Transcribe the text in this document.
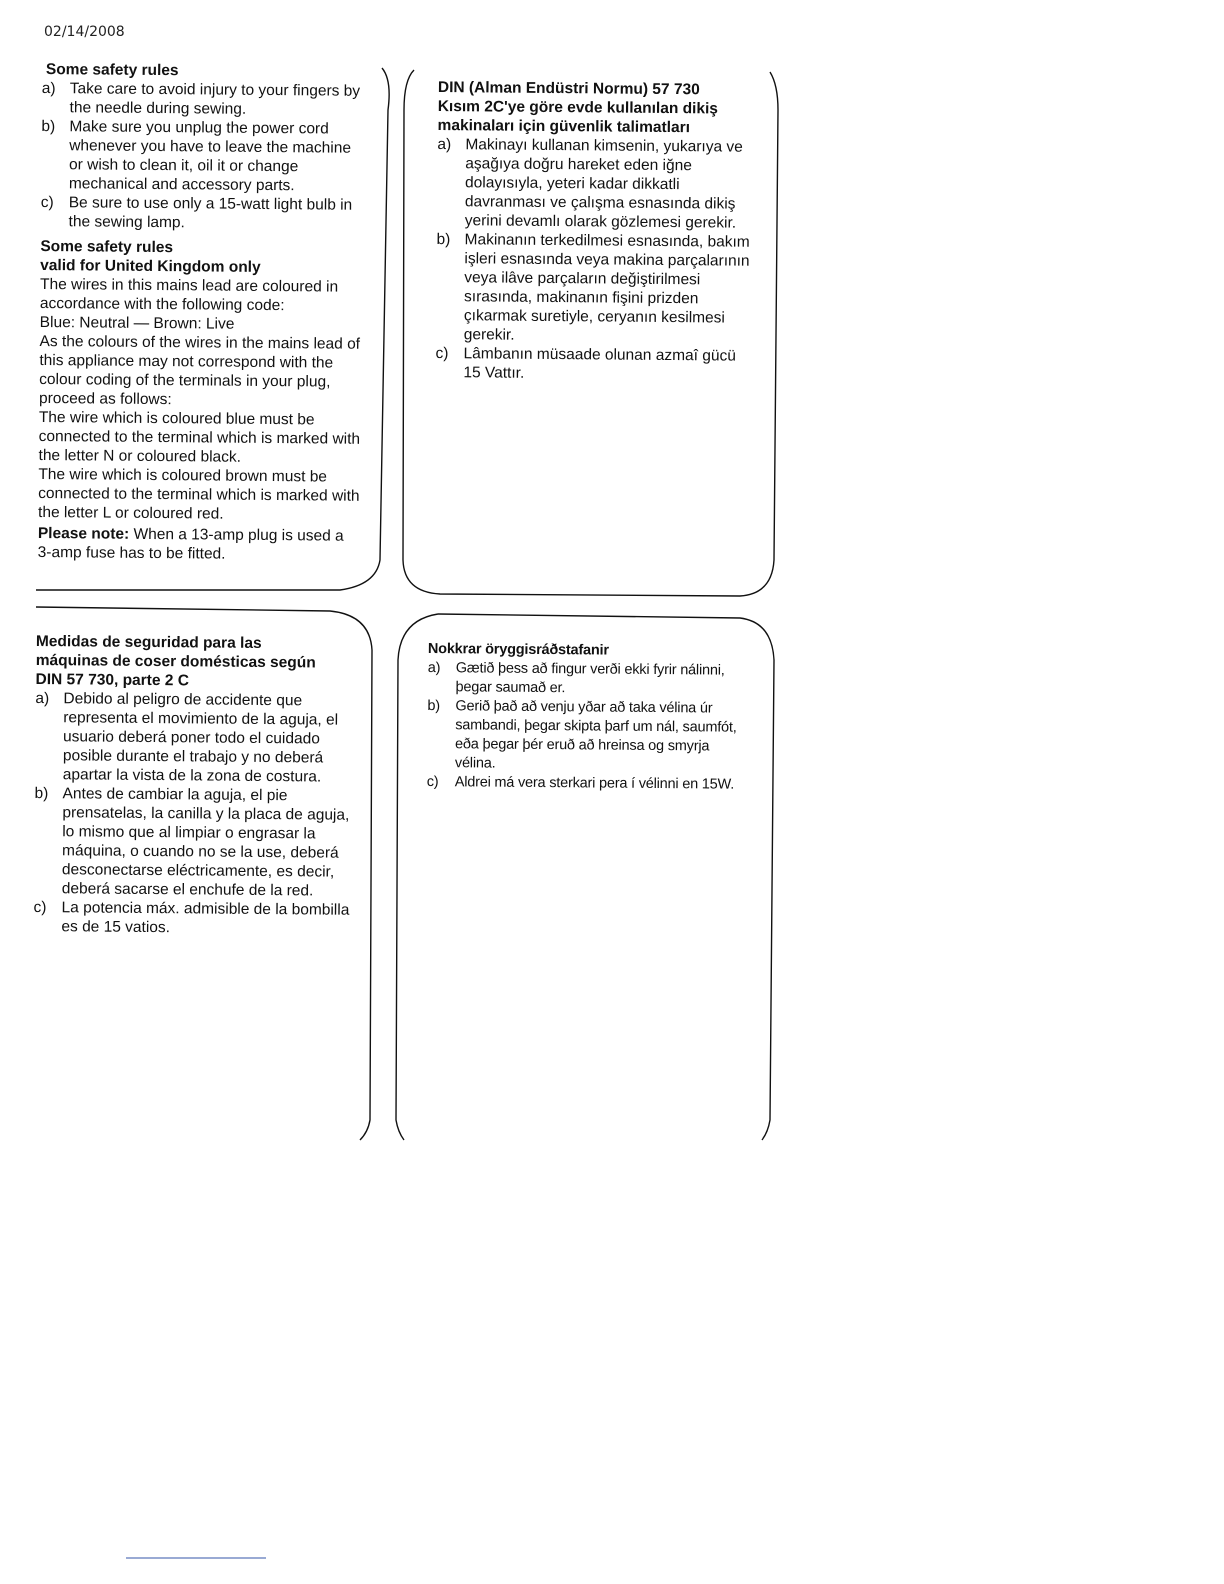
02/14/2008
Some safety rules
a) Take care to avoid injury to your fingers by the needle during sewing.
b) Make sure you unplug the power cord whenever you have to leave the machine or wish to clean it, oil it or change mechanical and accessory parts.
c) Be sure to use only a 15-watt light bulb in the sewing lamp.
Some safety rules
valid for United Kingdom only

The wires in this mains lead are coloured in accordance with the following code:

Blue: Neutral — Brown: Live

As the colours of the wires in the mains lead of this appliance may not correspond with the colour coding of the terminals in your plug, proceed as follows:

The wire which is coloured blue must be connected to the terminal which is marked with the letter N or coloured black.

The wire which is coloured brown must be connected to the terminal which is marked with the letter L or coloured red.

Please note: When a 13-amp plug is used a 3-amp fuse has to be fitted.

DIN (Alman Endüstri Normu) 57 730
Kısım 2C'ye göre evde kullanılan dikiş
makinaları için güvenlik talimatları
a) Makinayı kullanan kimsenin, yukarıya ve aşağıya doğru hareket eden iğne dolayısıyla, yeteri kadar dikkatli davranması ve çalışma esnasında dikiş yerini devamlı olarak gözlemesi gerekir.
b) Makinanın terkedilmesi esnasında, bakım işleri esnasında veya makina parçalarının veya ilâve parçaların değiştirilmesi sırasında, makinanın fişini prizden çıkarmak suretiyle, ceryanın kesilmesi gerekir.
c) Lâmbanın müsaade olunan azmaî gücü 15 Vattır.
Medidas de seguridad para las
máquinas de coser domésticas según
DIN 57 730, parte 2 C
a) Debido al peligro de accidente que representa el movimiento de la aguja, el usuario deberá poner todo el cuidado posible durante el trabajo y no deberá apartar la vista de la zona de costura.
b) Antes de cambiar la aguja, el pie prensatelas, la canilla y la placa de aguja, lo mismo que al limpiar o engrasar la máquina, o cuando no se la use, deberá desconectarse eléctricamente, es decir, deberá sacarse el enchufe de la red.
c) La potencia máx. admisible de la bombilla es de 15 vatios.
Nokkrar öryggisráðstafanir
a)	Gætið þess að fingur verði ekki fyrir nálinni, þegar saumað er.
b)	Gerið það að venju yðar að taka vélina úr sambandi, þegar skipta þarf um nál, saumfót, eða þegar þér eruð að hreinsa og smyrja vélina.
c)	Aldrei má vera sterkari pera í vélinni en 15W.
